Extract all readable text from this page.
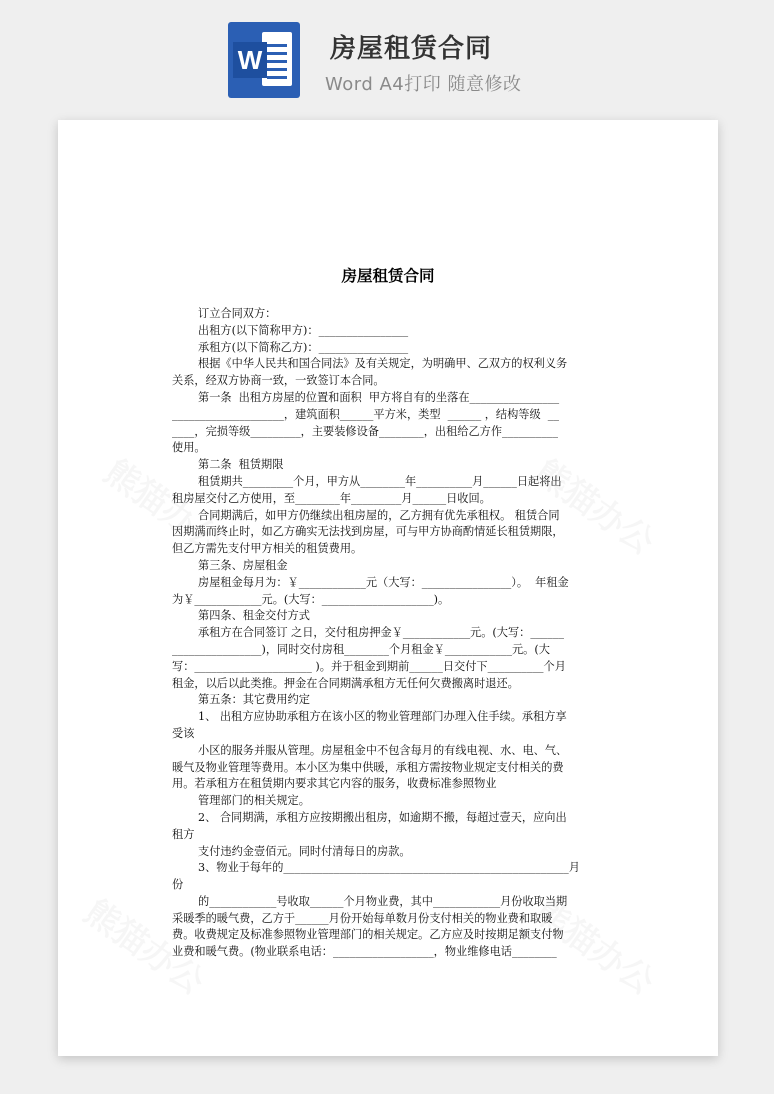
W	房屋租赁合同
Word A4打印 随意修改
房屋租赁合同

订立合同双方：

出租方(以下简称甲方)：________________

承租方(以下简称乙方)：________________

根据《中华人民共和国合同法》及有关规定，为明确甲、乙双方的权利义务

关系，经双方协商一致，一致签订本合同。

第一条  出租方房屋的位置和面积  甲方将自有的坐落在________________

____________________，建筑面积______平方米，类型  ______ ，结构等级  __

____，完损等级_________，主要装修设备________，出租给乙方作__________

使用。

第二条  租赁期限

租赁期共_________个月，甲方从________年__________月______日起将出

租房屋交付乙方使用，至________年_________月______日收回。

合同期满后，如甲方仍继续出租房屋的，乙方拥有优先承租权。 租赁合同

因期满而终止时，如乙方确实无法找到房屋，可与甲方协商酌情延长租赁期限，

但乙方需先支付甲方相关的租赁费用。

第三条、房屋租金

房屋租金每月为：￥____________元（大写：________________）。  年租金

为￥____________元。(大写：____________________)。

第四条、租金交付方式

承租方在合同签订 之日，交付租房押金￥____________元。(大写：______

________________)，同时交付房租________个月租金￥____________元。(大

写：_____________________ )。并于租金到期前______日交付下__________个月

租金，以后以此类推。押金在合同期满承租方无任何欠费搬离时退还。

第五条：其它费用约定

1、 出租方应协助承租方在该小区的物业管理部门办理入住手续。承租方享

受该

小区的服务并服从管理。房屋租金中不包含每月的有线电视、水、电、气、

暖气及物业管理等费用。本小区为集中供暖，承租方需按物业规定支付相关的费

用。若承租方在租赁期内要求其它内容的服务，收费标准参照物业

管理部门的相关规定。

2、 合同期满，承租方应按期搬出租房，如逾期不搬，每超过壹天，应向出

租方

支付违约金壹佰元。同时付清每日的房款。

3、物业于每年的___________________________________________________月

份

的____________号收取______个月物业费，其中____________月份收取当期

采暖季的暖气费，乙方于______月份开始每单数月份支付相关的物业费和取暖

费。收费规定及标准参照物业管理部门的相关规定。乙方应及时按期足额支付物

业费和暖气费。(物业联系电话：__________________，物业维修电话________
